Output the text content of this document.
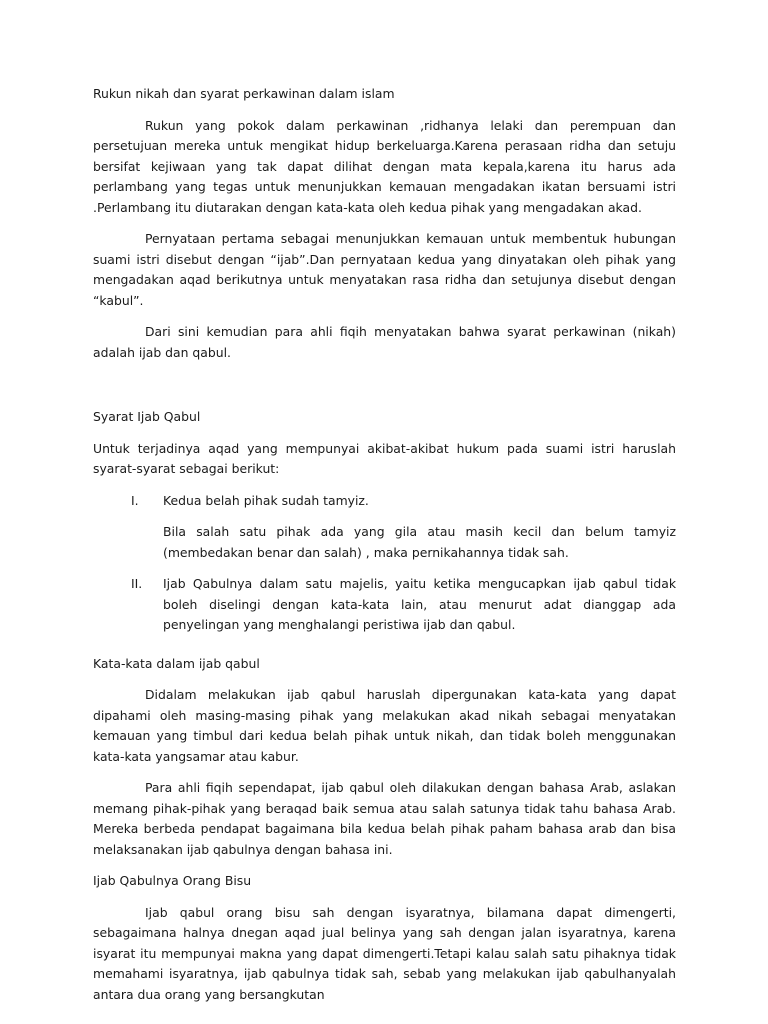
Rukun nikah dan syarat perkawinan dalam islam

Rukun yang pokok dalam perkawinan ,ridhanya lelaki dan perempuan dan persetujuan mereka untuk mengikat hidup berkeluarga.Karena perasaan ridha dan setuju bersifat kejiwaan yang tak dapat dilihat dengan mata kepala,karena itu harus ada perlambang yang tegas untuk menunjukkan kemauan mengadakan ikatan bersuami istri .Perlambang itu diutarakan dengan kata-kata oleh kedua pihak yang mengadakan akad.

Pernyataan pertama sebagai menunjukkan kemauan untuk membentuk hubungan suami istri disebut dengan “ijab”.Dan pernyataan kedua yang dinyatakan oleh pihak yang mengadakan aqad berikutnya untuk menyatakan rasa ridha dan setujunya disebut dengan “kabul”.

Dari sini kemudian para ahli fiqih menyatakan bahwa syarat perkawinan (nikah) adalah ijab dan qabul.

Syarat Ijab Qabul

Untuk terjadinya aqad yang mempunyai akibat-akibat hukum pada suami istri haruslah syarat-syarat sebagai berikut:

I.	Kedua belah pihak sudah tamyiz.

Bila salah satu pihak ada yang gila atau masih kecil dan belum tamyiz (membedakan benar dan salah) , maka pernikahannya tidak sah.

II.	Ijab Qabulnya dalam satu majelis, yaitu ketika mengucapkan ijab qabul tidak boleh diselingi dengan kata-kata lain, atau menurut adat dianggap ada penyelingan yang menghalangi peristiwa ijab dan qabul.

Kata-kata dalam ijab qabul

Didalam melakukan ijab qabul haruslah dipergunakan kata-kata yang dapat dipahami oleh masing-masing pihak yang melakukan akad nikah sebagai menyatakan kemauan yang timbul dari kedua belah pihak untuk nikah, dan tidak boleh menggunakan kata-kata yangsamar atau kabur.

Para ahli fiqih sependapat, ijab qabul oleh dilakukan dengan bahasa Arab, aslakan memang pihak-pihak yang beraqad baik semua atau salah satunya tidak tahu bahasa Arab. Mereka berbeda pendapat bagaimana bila kedua belah pihak paham bahasa arab dan bisa melaksanakan ijab qabulnya dengan bahasa ini.

Ijab Qabulnya Orang Bisu

Ijab qabul orang bisu sah dengan isyaratnya, bilamana dapat dimengerti, sebagaimana halnya dnegan aqad jual belinya yang sah dengan jalan isyaratnya, karena isyarat itu mempunyai makna yang dapat dimengerti.Tetapi kalau salah satu pihaknya tidak memahami isyaratnya, ijab qabulnya tidak sah, sebab yang melakukan ijab qabulhanyalah antara dua orang yang bersangkutan
